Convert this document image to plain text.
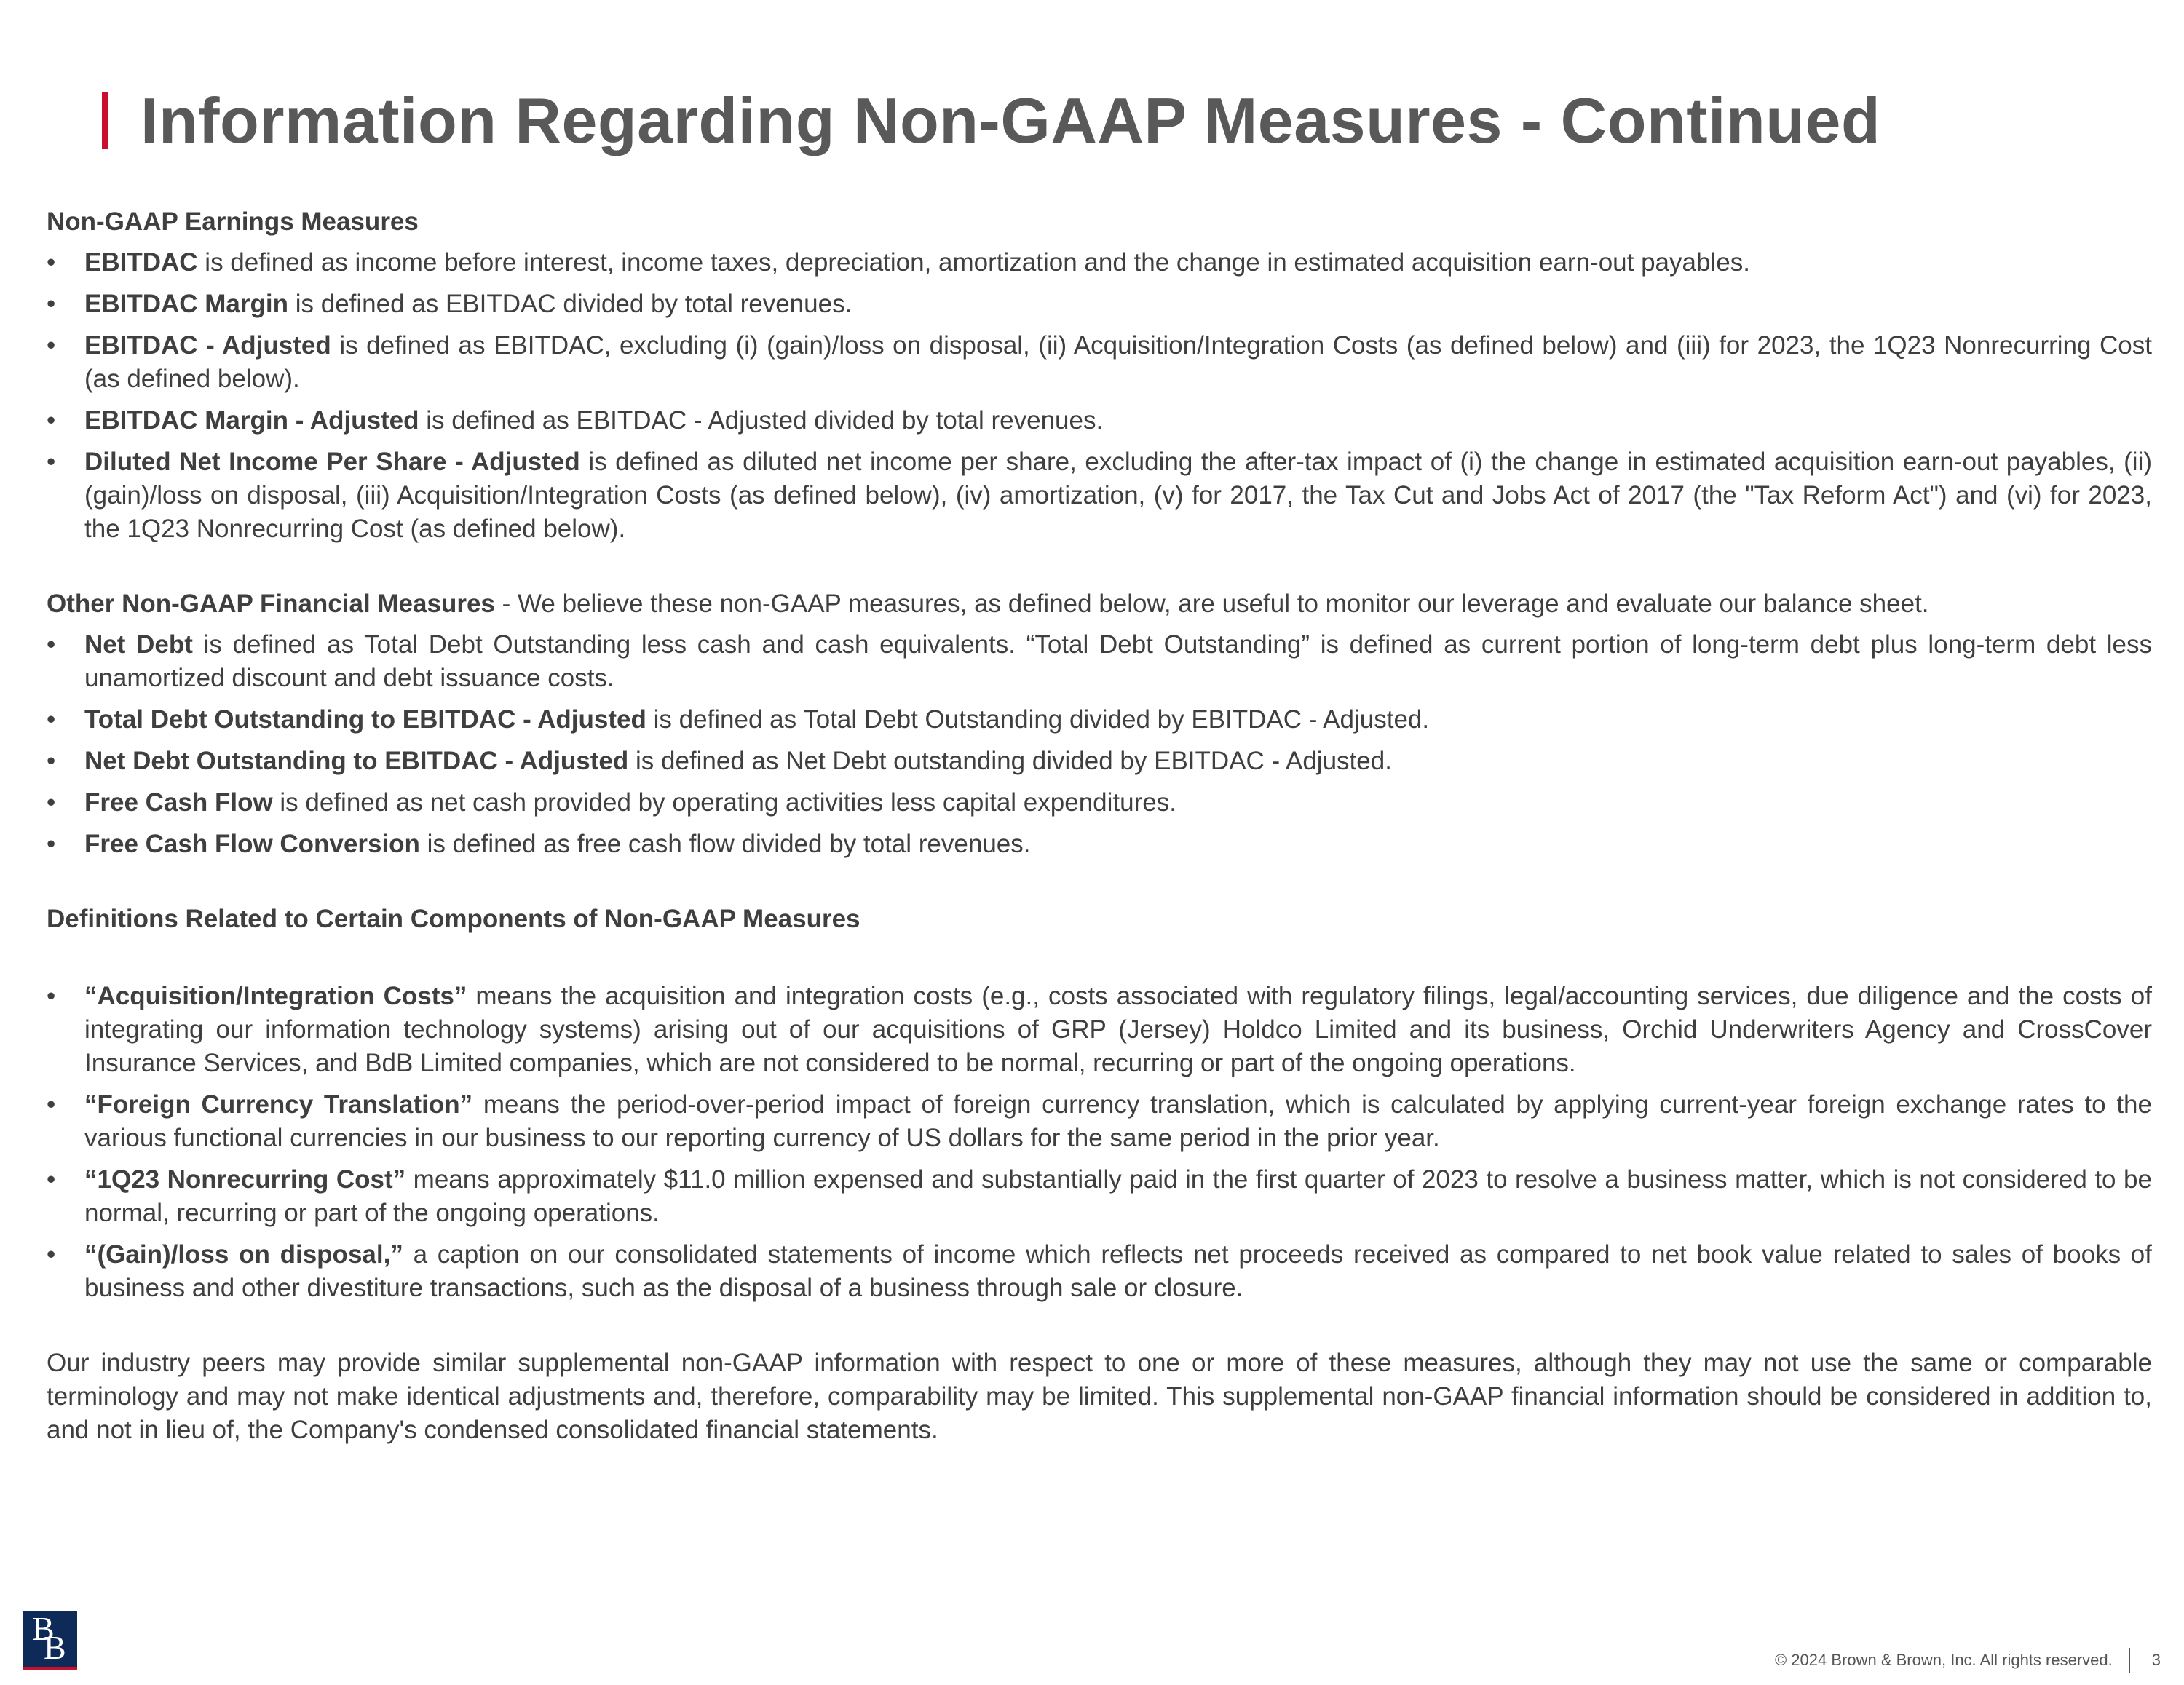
Information Regarding Non-GAAP Measures - Continued
Non-GAAP Earnings Measures
• EBITDAC is defined as income before interest, income taxes, depreciation, amortization and the change in estimated acquisition earn-out payables.
• EBITDAC Margin is defined as EBITDAC divided by total revenues.
• EBITDAC - Adjusted is defined as EBITDAC, excluding (i) (gain)/loss on disposal, (ii) Acquisition/Integration Costs (as defined below) and (iii) for 2023, the 1Q23 Nonrecurring Cost (as defined below).
• EBITDAC Margin - Adjusted is defined as EBITDAC - Adjusted divided by total revenues.
• Diluted Net Income Per Share - Adjusted is defined as diluted net income per share, excluding the after-tax impact of (i) the change in estimated acquisition earn-out payables, (ii) (gain)/loss on disposal, (iii) Acquisition/Integration Costs (as defined below), (iv) amortization, (v) for 2017, the Tax Cut and Jobs Act of 2017 (the "Tax Reform Act") and (vi) for 2023, the 1Q23 Nonrecurring Cost (as defined below).
Other Non-GAAP Financial Measures - We believe these non-GAAP measures, as defined below, are useful to monitor our leverage and evaluate our balance sheet.
• Net Debt is defined as Total Debt Outstanding less cash and cash equivalents. “Total Debt Outstanding” is defined as current portion of long-term debt plus long-term debt less unamortized discount and debt issuance costs.
• Total Debt Outstanding to EBITDAC - Adjusted is defined as Total Debt Outstanding divided by EBITDAC - Adjusted.
• Net Debt Outstanding to EBITDAC - Adjusted is defined as Net Debt outstanding divided by EBITDAC - Adjusted.
• Free Cash Flow is defined as net cash provided by operating activities less capital expenditures.
• Free Cash Flow Conversion is defined as free cash flow divided by total revenues.
Definitions Related to Certain Components of Non-GAAP Measures
• “Acquisition/Integration Costs” means the acquisition and integration costs (e.g., costs associated with regulatory filings, legal/accounting services, due diligence and the costs of integrating our information technology systems) arising out of our acquisitions of GRP (Jersey) Holdco Limited and its business, Orchid Underwriters Agency and CrossCover Insurance Services, and BdB Limited companies, which are not considered to be normal, recurring or part of the ongoing operations.
• “Foreign Currency Translation” means the period-over-period impact of foreign currency translation, which is calculated by applying current-year foreign exchange rates to the various functional currencies in our business to our reporting currency of US dollars for the same period in the prior year.
• “1Q23 Nonrecurring Cost” means approximately $11.0 million expensed and substantially paid in the first quarter of 2023 to resolve a business matter, which is not considered to be normal, recurring or part of the ongoing operations.
• “(Gain)/loss on disposal,” a caption on our consolidated statements of income which reflects net proceeds received as compared to net book value related to sales of books of business and other divestiture transactions, such as the disposal of a business through sale or closure.
Our industry peers may provide similar supplemental non-GAAP information with respect to one or more of these measures, although they may not use the same or comparable terminology and may not make identical adjustments and, therefore, comparability may be limited. This supplemental non-GAAP financial information should be considered in addition to, and not in lieu of, the Company's condensed consolidated financial statements.
B
B	© 2024 Brown & Brown, Inc. All rights reserved. 3
